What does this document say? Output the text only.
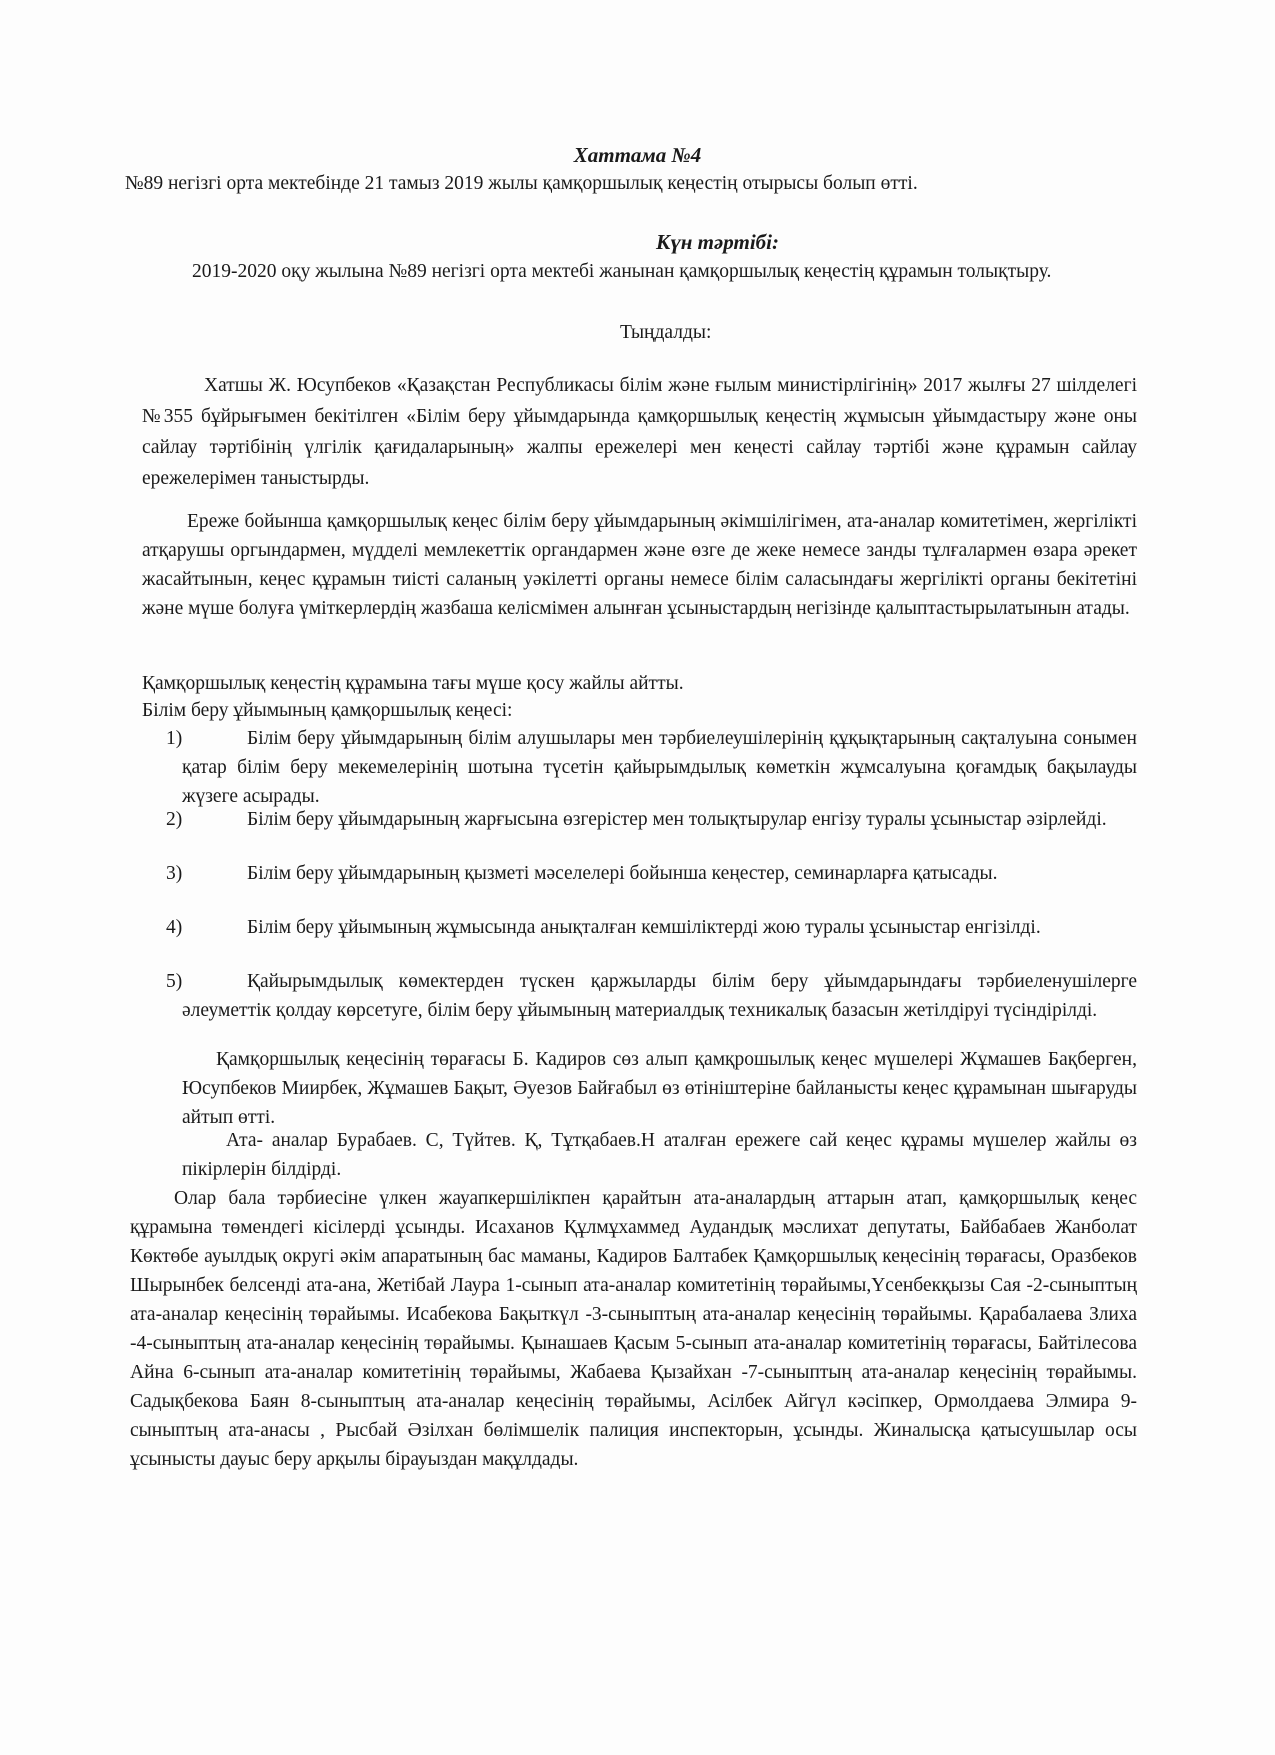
Хаттама №4

№89 негізгі орта мектебінде 21 тамыз 2019 жылы қамқоршылық кеңестің отырысы болып өтті.

Күн тәртібі:

2019-2020 оқу жылына №89 негізгі орта мектебі жанынан қамқоршылық кеңестің құрамын толықтыру.

Тыңдалды:

Хатшы Ж. Юсупбеков «Қазақстан Республикасы білім және ғылым министірлігінің» 2017 жылғы 27 шілделегі №355 бұйрығымен бекітілген «Білім беру ұйымдарында қамқоршылық кеңестің жұмысын ұйымдастыру және оны сайлау тәртібінің үлгілік қағидаларының» жалпы ережелері мен кеңесті сайлау тәртібі және құрамын сайлау ережелерімен таныстырды.

Ереже бойынша қамқоршылық кеңес білім беру ұйымдарының әкімшілігімен, ата-аналар комитетімен, жергілікті атқарушы оргындармен, мүдделі мемлекеттік органдармен және өзге де жеке немесе занды тұлғалармен өзара әрекет жасайтынын, кеңес құрамын тиісті саланың уәкілетті органы немесе білім саласындағы жергілікті органы бекітетіні және мүше болуға үміткерлердің жазбаша келісмімен алынған ұсыныстардың негізінде қалыптастырылатынын атады.

Қамқоршылық кеңестің құрамына тағы мүше қосу жайлы айтты.

Білім беру ұйымының қамқоршылық кеңесі:

1)	Білім беру ұйымдарының білім алушылары мен тәрбиелеушілерінің құқықтарының сақталуына сонымен қатар білім беру мекемелерінің шотына түсетін қайырымдылық көметкін жұмсалуына қоғамдық бақылауды жүзеге асырады.

2)	Білім беру ұйымдарының жарғысына өзгерістер мен толықтырулар енгізу туралы ұсыныстар әзірлейді.

3)	Білім беру ұйымдарының қызметі мәселелері бойынша кеңестер, семинарларға қатысады.

4)	Білім беру ұйымының жұмысында анықталған кемшіліктерді жою туралы ұсыныстар енгізілді.

5)	Қайырымдылық көмектерден түскен қаржыларды білім беру ұйымдарындағы тәрбиеленушілерге әлеуметтік қолдау көрсетуге, білім беру ұйымының материалдық техникалық базасын жетілдіруі түсіндірілді.

Қамқоршылық кеңесінің төрағасы Б. Кадиров сөз алып қамқрошылық кеңес мүшелері Жұмашев Бақберген, Юсупбеков Миирбек, Жұмашев Бақыт, Әуезов Байғабыл өз өтініштеріне байланысты кеңес құрамынан шығаруды айтып өтті.

Ата- аналар Бурабаев. С, Түйтев. Қ, Тұтқабаев.Н аталған ережеге сай кеңес құрамы мүшелер жайлы өз пікірлерін білдірді.

Олар бала тәрбиесіне үлкен жауапкершілікпен қарайтын ата-аналардың аттарын атап, қамқоршылық кеңес құрамына төмендегі кісілерді ұсынды. Исаханов Құлмұхаммед Аудандық мәслихат депутаты, Байбабаев Жанболат Көктөбе ауылдық округі әкім апаратының бас маманы, Кадиров Балтабек Қамқоршылық кеңесінің төрағасы, Оразбеков Шырынбек белсенді ата-ана, Жетібай Лаура 1-сынып ата-аналар комитетінің төрайымы,Үсенбекқызы Сая -2-сыныптың ата-аналар кеңесінің төрайымы. Исабекова Бақыткүл -3-сыныптың ата-аналар кеңесінің төрайымы. Қарабалаева Злиха -4-сыныптың ата-аналар кеңесінің төрайымы. Қынашаев Қасым 5-сынып ата-аналар комитетінің төрағасы, Байтілесова Айна 6-сынып ата-аналар комитетінің төрайымы, Жабаева Қызайхан -7-сыныптың ата-аналар кеңесінің төрайымы. Садықбекова Баян 8-сыныптың ата-аналар кеңесінің төрайымы, Асілбек Айгүл кәсіпкер, Ормолдаева Элмира 9-сыныптың ата-анасы , Рысбай Әзілхан бөлімшелік палиция инспекторын, ұсынды. Жиналысқа қатысушылар осы ұсынысты дауыс беру арқылы бірауыздан мақұлдады.
